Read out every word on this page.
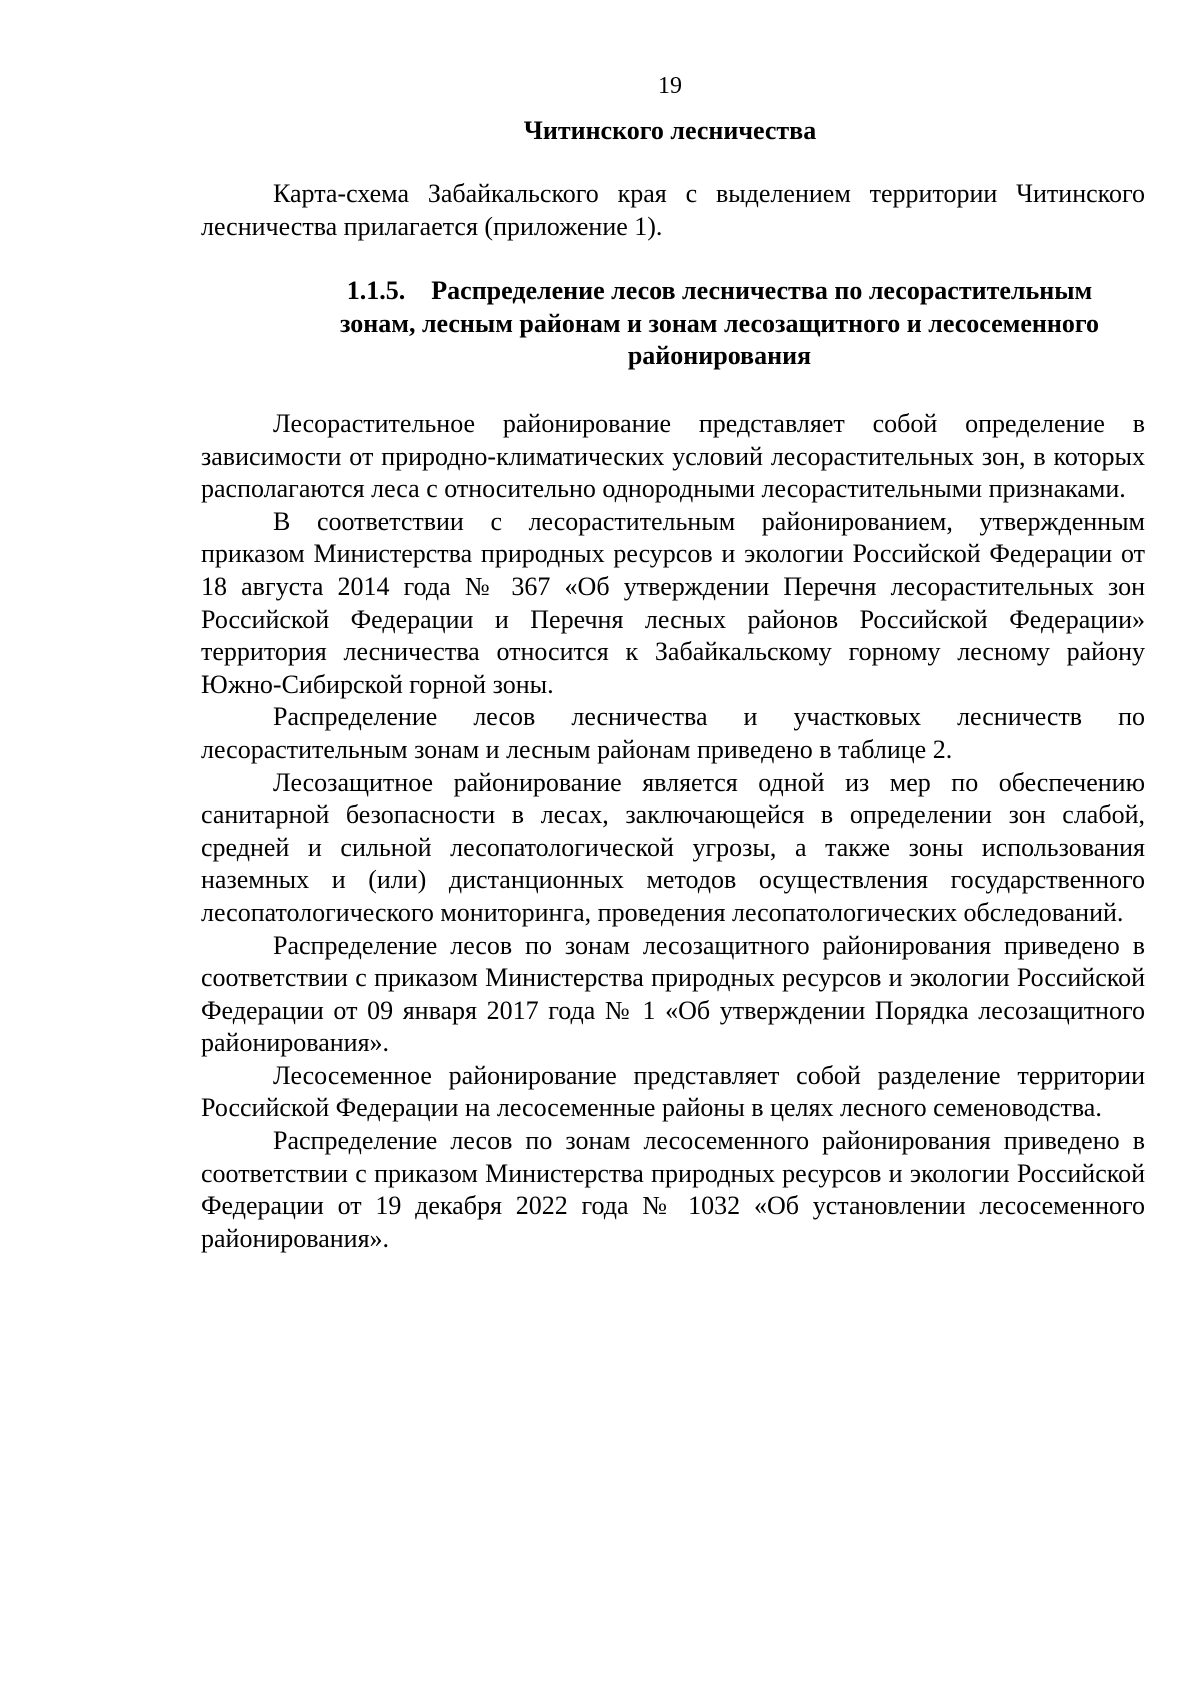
19
Читинского лесничества

Карта-схема Забайкальского края с выделением территории Читинского лесничества прилагается (приложение 1).

1.1.5. Распределение лесов лесничества по лесорастительным
зонам, лесным районам и зонам лесозащитного и лесосеменного
районирования

Лесорастительное районирование представляет собой определение в зависимости от природно-климатических условий лесорастительных зон, в которых располагаются леса с относительно однородными лесорастительными признаками.

В соответствии с лесорастительным районированием, утвержденным приказом Министерства природных ресурсов и экологии Российской Федерации от 18 августа 2014 года № 367 «Об утверждении Перечня лесорастительных зон Российской Федерации и Перечня лесных районов Российской Федерации» территория лесничества относится к Забайкальскому горному лесному району Южно-Сибирской горной зоны.

Распределение лесов лесничества и участковых лесничеств по лесорастительным зонам и лесным районам приведено в таблице 2.

Лесозащитное районирование является одной из мер по обеспечению санитарной безопасности в лесах, заключающейся в определении зон слабой, средней и сильной лесопатологической угрозы, а также зоны использования наземных и (или) дистанционных методов осуществления государственного лесопатологического мониторинга, проведения лесопатологических обследований.

Распределение лесов по зонам лесозащитного районирования приведено в соответствии с приказом Министерства природных ресурсов и экологии Российской Федерации от 09 января 2017 года № 1 «Об утверждении Порядка лесозащитного районирования».

Лесосеменное районирование представляет собой разделение территории Российской Федерации на лесосеменные районы в целях лесного семеноводства.

Распределение лесов по зонам лесосеменного районирования приведено в соответствии с приказом Министерства природных ресурсов и экологии Российской Федерации от 19 декабря 2022 года № 1032 «Об установлении лесосеменного районирования».
